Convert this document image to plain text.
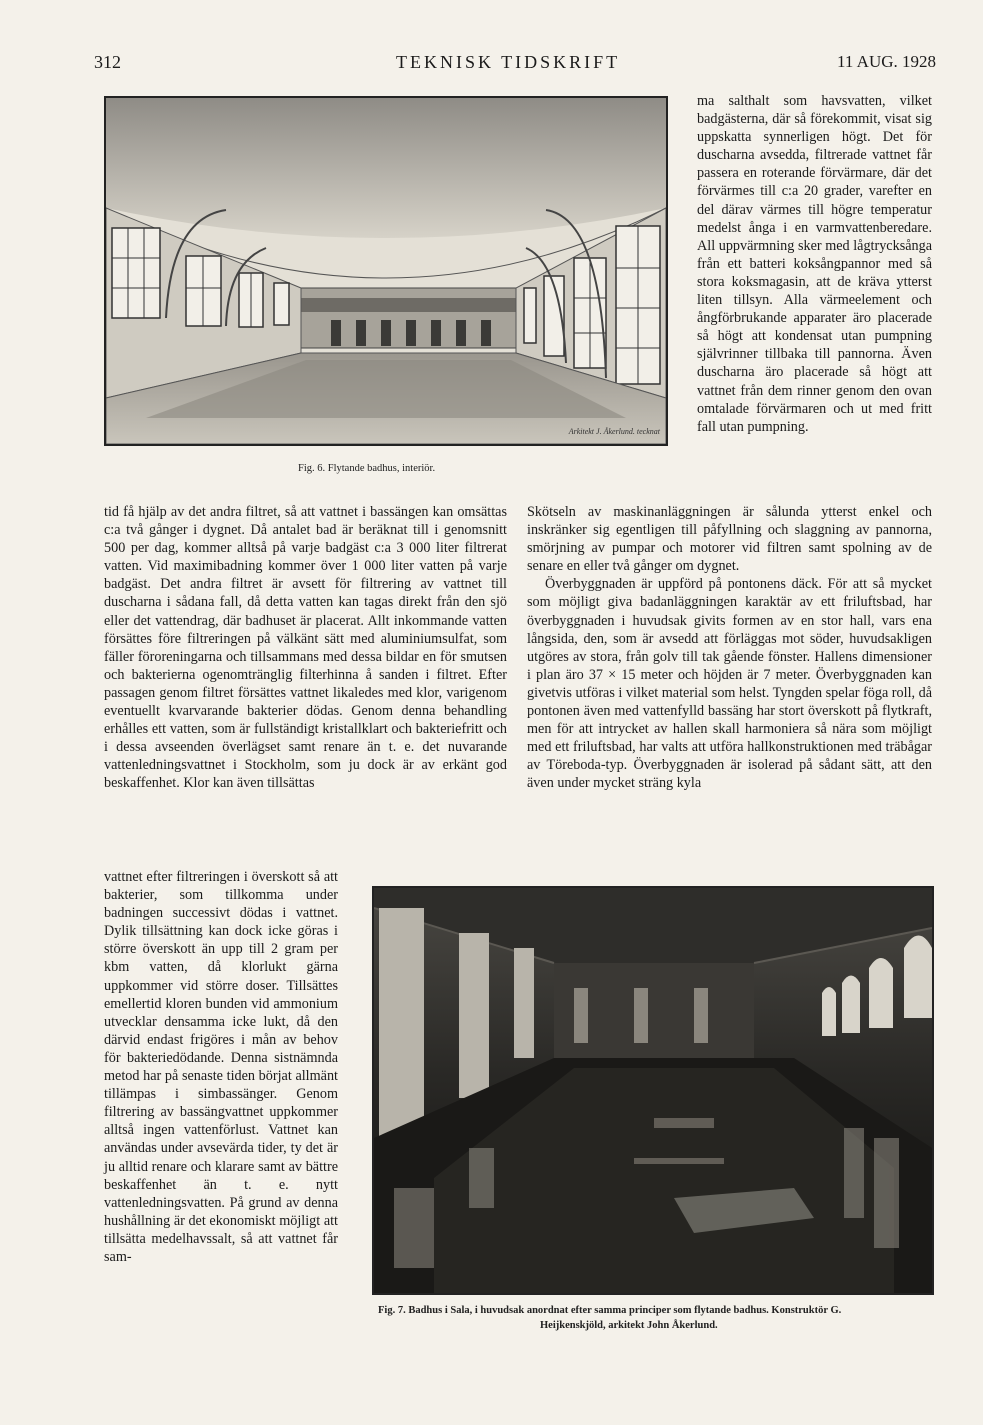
312	TEKNISK TIDSKRIFT	11 AUG. 1928
Arkitekt J. Åkerlund. tecknat
Fig. 6. Flytande badhus, interiör.

ma salthalt som havsvatten, vilket badgästerna, där så förekommit, visat sig uppskatta synnerligen högt. Det för duscharna avsedda, filtrerade vattnet får passera en roterande förvärmare, där det förvärmes till c:a 20 grader, varefter en del därav värmes till högre temperatur medelst ånga i en varmvattenberedare. All uppvärmning sker med lågtrycksånga från ett batteri koksångpannor med så stora koksmagasin, att de kräva ytterst liten tillsyn. Alla värmeelement och ångförbrukande apparater äro placerade så högt att kondensat utan pumpning självrinner tillbaka till pannorna. Även duscharna äro placerade så högt att vattnet från dem rinner genom den ovan omtalade förvärmaren och ut med fritt fall utan pumpning.

tid få hjälp av det andra filtret, så att vattnet i bassängen kan omsättas c:a två gånger i dygnet. Då antalet bad är beräknat till i genomsnitt 500 per dag, kommer alltså på varje badgäst c:a 3 000 liter filtrerat vatten. Vid maximibadning kommer över 1 000 liter vatten på varje badgäst. Det andra filtret är avsett för filtrering av vattnet till duscharna i sådana fall, då detta vatten kan tagas direkt från den sjö eller det vattendrag, där badhuset är placerat. Allt inkommande vatten försättes före filtreringen på välkänt sätt med aluminiumsulfat, som fäller föroreningarna och tillsammans med dessa bildar en för smutsen och bakterierna ogenomtränglig filterhinna å sanden i filtret. Efter passagen genom filtret försättes vattnet likaledes med klor, varigenom eventuellt kvarvarande bakterier dödas. Genom denna behandling erhålles ett vatten, som är fullständigt kristallklart och bakteriefritt och i dessa avseenden överlägset samt renare än t. e. det nuvarande vattenledningsvattnet i Stockholm, som ju dock är av erkänt god beskaffenhet. Klor kan även tillsättas

Skötseln av maskinanläggningen är sålunda ytterst enkel och inskränker sig egentligen till påfyllning och slaggning av pannorna, smörjning av pumpar och motorer vid filtren samt spolning av de senare en eller två gånger om dygnet.

Överbyggnaden är uppförd på pontonens däck. För att så mycket som möjligt giva badanläggningen karaktär av ett friluftsbad, har överbyggnaden i huvudsak givits formen av en stor hall, vars ena långsida, den, som är avsedd att förläggas mot söder, huvudsakligen utgöres av stora, från golv till tak gående fönster. Hallens dimensioner i plan äro 37 × 15 meter och höjden är 7 meter. Överbyggnaden kan givetvis utföras i vilket material som helst. Tyngden spelar föga roll, då pontonen även med vattenfylld bassäng har stort överskott på flytkraft, men för att intrycket av hallen skall harmoniera så nära som möjligt med ett friluftsbad, har valts att utföra hallkonstruktionen med träbågar av Töreboda-typ. Överbyggnaden är isolerad på sådant sätt, att den även under mycket sträng kyla

vattnet efter filtreringen i överskott så att bakterier, som tillkomma under badningen successivt dödas i vattnet. Dylik tillsättning kan dock icke göras i större överskott än upp till 2 gram per kbm vatten, då klorlukt gärna uppkommer vid större doser. Tillsättes emellertid kloren bunden vid ammonium utvecklar densamma icke lukt, då den därvid endast frigöres i mån av behov för bakteriedödande. Denna sistnämnda metod har på senaste tiden börjat allmänt tillämpas i simbassänger. Genom filtrering av bassängvattnet uppkommer alltså ingen vattenförlust. Vattnet kan användas under avsevärda tider, ty det är ju alltid renare och klarare samt av bättre beskaffenhet än t. e. nytt vattenledningsvatten. På grund av denna hushållning är det ekonomiskt möjligt att tillsätta medelhavssalt, så att vattnet får sam-

Fig. 7. Badhus i Sala, i huvudsak anordnat efter samma principer som flytande badhus. Konstruktör G.
Heijkenskjöld, arkitekt John Åkerlund.
